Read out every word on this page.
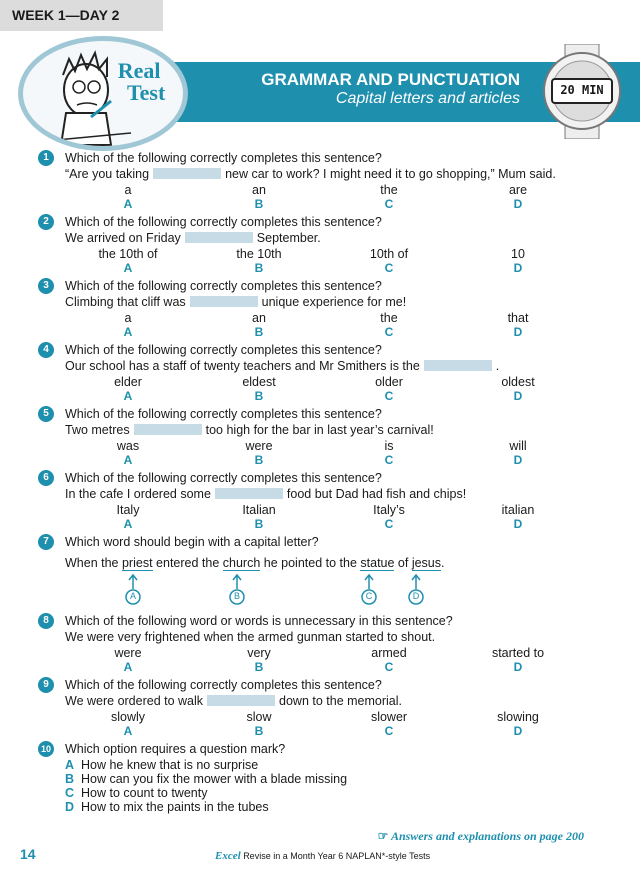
WEEK 1—DAY 2
Real
Test
GRAMMAR AND PUNCTUATION
Capital letters and articles	20 MIN
1	Which of the following correctly completes this sentence?
“Are you taking	new car to work? I might need it to go shopping,” Mum said.
a	an	the	are
A	B	C	D
2	Which of the following correctly completes this sentence?
We arrived on Friday	September.
the 10th of	the 10th	10th of	10
A	B	C	D
3	Which of the following correctly completes this sentence?
Climbing that cliff was	unique experience for me!
a	an	the	that
A	B	C	D
4	Which of the following correctly completes this sentence?
Our school has a staff of twenty teachers and Mr Smithers is the	.
elder	eldest	older	oldest
A	B	C	D
5	Which of the following correctly completes this sentence?
Two metres	too high for the bar in last year’s carnival!
was	were	is	will
A	B	C	D
6	Which of the following correctly completes this sentence?
In the cafe I ordered some	food but Dad had fish and chips!
Italy	Italian	Italy’s	italian
A	B	C	D
7	Which word should begin with a capital letter?
When the priest entered the church he pointed to the statue of jesus.
A	B	C	D
8	Which of the following word or words is unnecessary in this sentence?
We were very frightened when the armed gunman started to shout.
were	very	armed	started to
A	B	C	D
9	Which of the following correctly completes this sentence?
We were ordered to walk	down to the memorial.
slowly	slow	slower	slowing
A	B	C	D
10 Which option requires a question mark?
A How he knew that is no surprise
B How can you fix the mower with a blade missing
C How to count to twenty
D How to mix the paints in the tubes
☞ Answers and explanations on page 200
14	Excel Revise in a Month Year 6 NAPLAN*-style Tests
